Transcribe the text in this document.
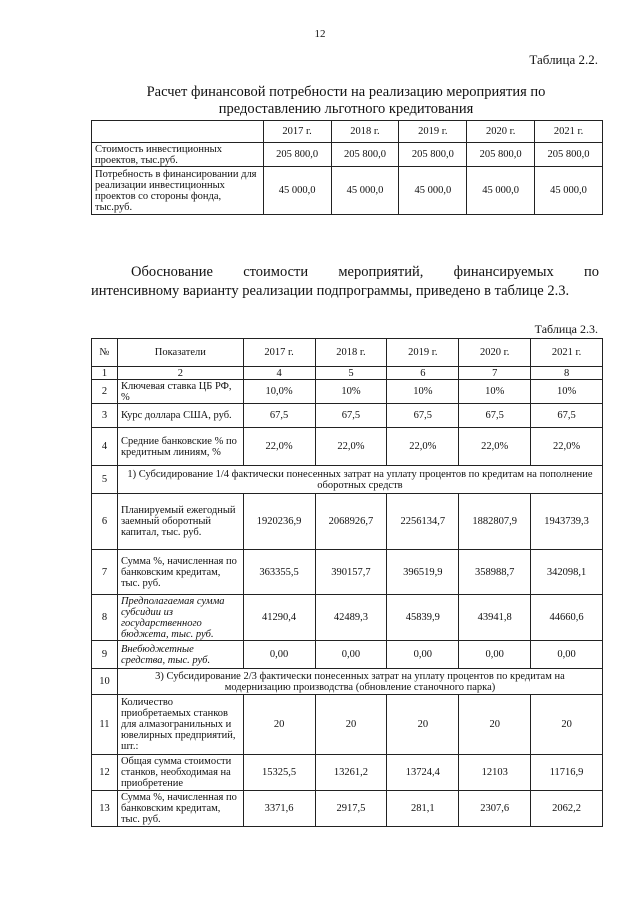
12
Таблица 2.2.
Расчет финансовой потребности на реализацию мероприятия по
предоставлению льготного кредитования
	2017 г.	2018 г.	2019 г.	2020 г.	2021 г.
Стоимость инвестиционных проектов, тыс.руб.	205 800,0	205 800,0	205 800,0	205 800,0	205 800,0
Потребность в финансировании для реализации инвестиционных проектов со стороны фонда, тыс.руб.	45 000,0	45 000,0	45 000,0	45 000,0	45 000,0
Обоснование стоимости мероприятий, финансируемых по
интенсивному варианту реализации подпрограммы, приведено в таблице 2.3.
Таблица 2.3.
№	Показатели	2017 г.	2018 г.	2019 г.	2020 г.	2021 г.
1	2	4	5	6	7	8
2	Ключевая ставка ЦБ РФ, %	10,0%	10%	10%	10%	10%
3	Курс доллара США, руб.	67,5	67,5	67,5	67,5	67,5
4	Средние банковские % по кредитным линиям, %	22,0%	22,0%	22,0%	22,0%	22,0%
5	1) Субсидирование 1/4 фактически понесенных затрат на уплату процентов по кредитам на пополнение оборотных средств					
6	Планируемый ежегодный заемный оборотный капитал, тыс. руб.	1920236,9	2068926,7	2256134,7	1882807,9	1943739,3
7	Сумма %, начисленная по банковским кредитам, тыс. руб.	363355,5	390157,7	396519,9	358988,7	342098,1
8	Предполагаемая сумма субсидии из государственного бюджета, тыс. руб.	41290,4	42489,3	45839,9	43941,8	44660,6
9	Внебюджетные средства, тыс. руб.	0,00	0,00	0,00	0,00	0,00
10	3) Субсидирование 2/3 фактически понесенных затрат на уплату процентов по кредитам на модернизацию производства (обновление станочного парка)					
11	Количество приобретаемых станков для алмазогранильных и ювелирных предприятий, шт.:	20	20	20	20	20
12	Общая сумма стоимости станков, необходимая на приобретение	15325,5	13261,2	13724,4	12103	11716,9
13	Сумма %, начисленная по банковским кредитам, тыс. руб.	3371,6	2917,5	281,1	2307,6	2062,2
